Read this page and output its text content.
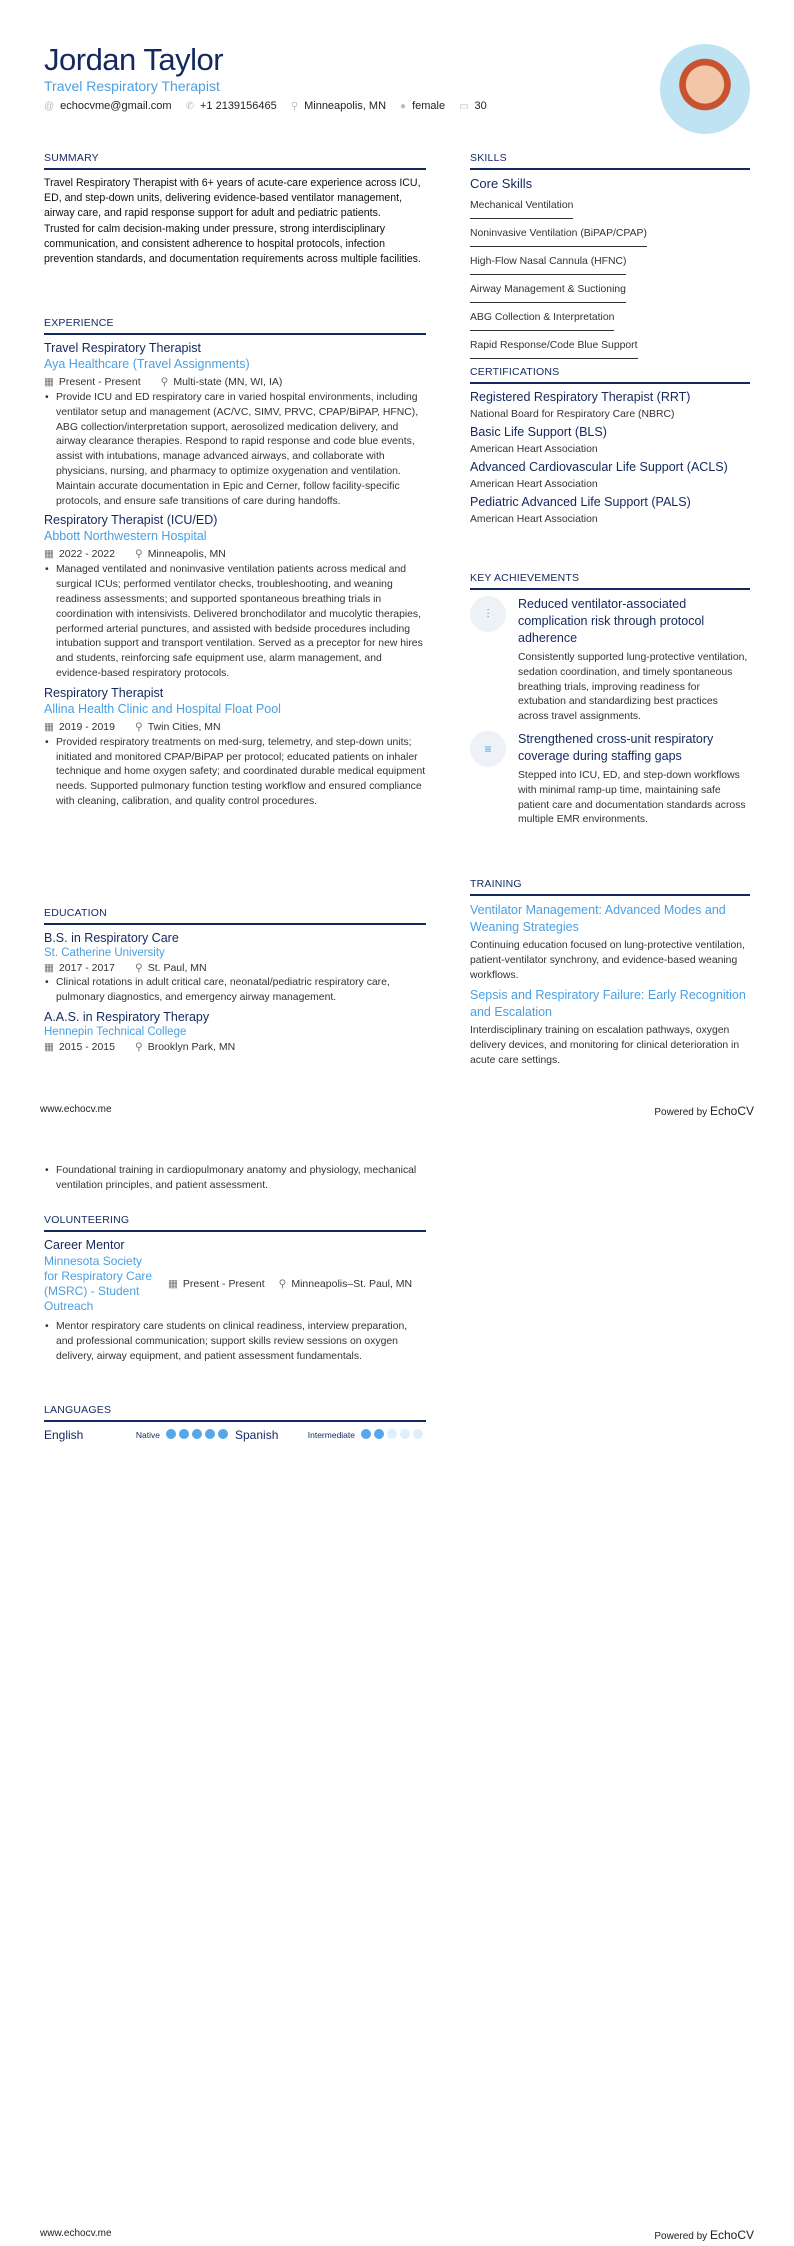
Jordan Taylor
Travel Respiratory Therapist
@ echocvme@gmail.com ✆ +1 2139156465 ⚲ Minneapolis, MN ● female ▭ 30
SUMMARY
Travel Respiratory Therapist with 6+ years of acute-care experience across ICU, ED, and step-down units, delivering evidence-based ventilator management, airway care, and rapid response support for adult and pediatric patients.
Trusted for calm decision-making under pressure, strong interdisciplinary communication, and consistent adherence to hospital protocols, infection prevention standards, and documentation requirements across multiple facilities.
EXPERIENCE
Travel Respiratory Therapist
Aya Healthcare (Travel Assignments)
▦ Present - Present ⚲ Multi-state (MN, WI, IA)
• Provide ICU and ED respiratory care in varied hospital environments, including ventilator setup and management (AC/VC, SIMV, PRVC, CPAP/BiPAP, HFNC), ABG collection/interpretation support, aerosolized medication delivery, and airway clearance therapies. Respond to rapid response and code blue events, assist with intubations, manage advanced airways, and collaborate with physicians, nursing, and pharmacy to optimize oxygenation and ventilation. Maintain accurate documentation in Epic and Cerner, follow facility-specific protocols, and ensure safe transitions of care during handoffs.
Respiratory Therapist (ICU/ED)
Abbott Northwestern Hospital
▦ 2022 - 2022 ⚲ Minneapolis, MN
• Managed ventilated and noninvasive ventilation patients across medical and surgical ICUs; performed ventilator checks, troubleshooting, and weaning readiness assessments; and supported spontaneous breathing trials in coordination with intensivists. Delivered bronchodilator and mucolytic therapies, performed arterial punctures, and assisted with bedside procedures including intubation support and transport ventilation. Served as a preceptor for new hires and students, reinforcing safe equipment use, alarm management, and evidence-based respiratory protocols.
Respiratory Therapist
Allina Health Clinic and Hospital Float Pool
▦ 2019 - 2019 ⚲ Twin Cities, MN
• Provided respiratory treatments on med-surg, telemetry, and step-down units; initiated and monitored CPAP/BiPAP per protocol; educated patients on inhaler technique and home oxygen safety; and coordinated durable medical equipment needs. Supported pulmonary function testing workflow and ensured compliance with cleaning, calibration, and quality control procedures.
EDUCATION
B.S. in Respiratory Care
St. Catherine University
▦ 2017 - 2017 ⚲ St. Paul, MN
• Clinical rotations in adult critical care, neonatal/pediatric respiratory care, pulmonary diagnostics, and emergency airway management.
A.A.S. in Respiratory Therapy
Hennepin Technical College
▦ 2015 - 2015 ⚲ Brooklyn Park, MN
SKILLS
Core Skills
Mechanical Ventilation
Noninvasive Ventilation (BiPAP/CPAP)
High-Flow Nasal Cannula (HFNC)
Airway Management & Suctioning
ABG Collection & Interpretation
Rapid Response/Code Blue Support
CERTIFICATIONS
Registered Respiratory Therapist (RRT)
National Board for Respiratory Care (NBRC)
Basic Life Support (BLS)
American Heart Association
Advanced Cardiovascular Life Support (ACLS)
American Heart Association
Pediatric Advanced Life Support (PALS)
American Heart Association
KEY ACHIEVEMENTS
⫶
Reduced ventilator-associated complication risk through protocol adherence
Consistently supported lung-protective ventilation, sedation coordination, and timely spontaneous breathing trials, improving readiness for extubation and standardizing best practices across travel assignments.
≡
Strengthened cross-unit respiratory coverage during staffing gaps
Stepped into ICU, ED, and step-down workflows with minimal ramp-up time, maintaining safe patient care and documentation standards across multiple EMR environments.
TRAINING
Ventilator Management: Advanced Modes and Weaning Strategies
Continuing education focused on lung-protective ventilation, patient-ventilator synchrony, and evidence-based weaning workflows.
Sepsis and Respiratory Failure: Early Recognition and Escalation
Interdisciplinary training on escalation pathways, oxygen delivery devices, and monitoring for clinical deterioration in acute care settings.
www.echocv.me	Powered by EchoCV
• Foundational training in cardiopulmonary anatomy and physiology, mechanical ventilation principles, and patient assessment.
VOLUNTEERING
Career Mentor
Minnesota Society for Respiratory Care (MSRC) - Student Outreach
▦ Present - Present ⚲ Minneapolis–St. Paul, MN
• Mentor respiratory care students on clinical readiness, interview preparation, and professional communication; support skills review sessions on oxygen delivery, airway equipment, and patient assessment fundamentals.
LANGUAGES
English	Native	Spanish	Intermediate
www.echocv.me	Powered by EchoCV
